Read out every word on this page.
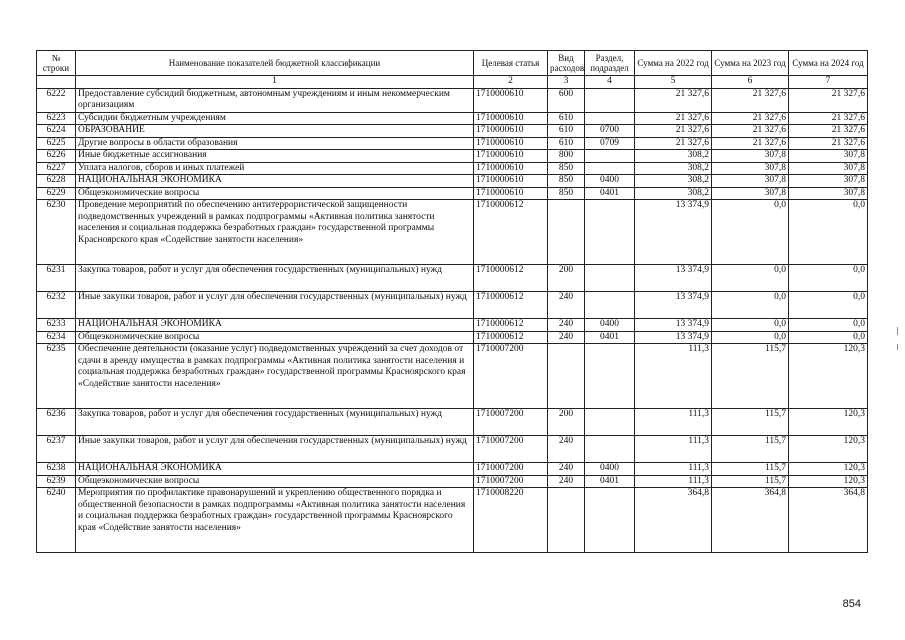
№ строки	Наименование показателей бюджетной классификации	Целевая статья	Вид расходов	Раздел, подраздел	Сумма на 2022 год	Сумма на 2023 год	Сумма на 2024 год
	1	2	3	4	5	6	7
6222	Предоставление субсидий бюджетным, автономным учреждениям и иным некоммерческим организациям	1710000610	600		21 327,6	21 327,6	21 327,6
6223	Субсидии бюджетным учреждениям	1710000610	610		21 327,6	21 327,6	21 327,6
6224	ОБРАЗОВАНИЕ	1710000610	610	0700	21 327,6	21 327,6	21 327,6
6225	Другие вопросы в области образования	1710000610	610	0709	21 327,6	21 327,6	21 327,6
6226	Иные бюджетные ассигнования	1710000610	800		308,2	307,8	307,8
6227	Уплата налогов, сборов и иных платежей	1710000610	850		308,2	307,8	307,8
6228	НАЦИОНАЛЬНАЯ ЭКОНОМИКА	1710000610	850	0400	308,2	307,8	307,8
6229	Общеэкономические вопросы	1710000610	850	0401	308,2	307,8	307,8
6230	Проведение мероприятий по обеспечению антитеррористической защищенности подведомственных учреждений в рамках подпрограммы «Активная политика занятости населения и социальная поддержка безработных граждан» государственной программы Красноярского края «Содействие занятости населения»	1710000612			13 374,9	0,0	0,0
6231	Закупка товаров, работ и услуг для обеспечения государственных (муниципальных) нужд	1710000612	200		13 374,9	0,0	0,0
6232	Иные закупки товаров, работ и услуг для обеспечения государственных (муниципальных) нужд	1710000612	240		13 374,9	0,0	0,0
6233	НАЦИОНАЛЬНАЯ ЭКОНОМИКА	1710000612	240	0400	13 374,9	0,0	0,0
6234	Общеэкономические вопросы	1710000612	240	0401	13 374,9	0,0	0,0
6235	Обеспечение деятельности (оказание услуг) подведомственных учреждений за счет доходов от сдачи в аренду имущества в рамках подпрограммы «Активная политика занятости населения и социальная поддержка безработных граждан» государственной программы Красноярского края «Содействие занятости населения»	1710007200			111,3	115,7	120,3
6236	Закупка товаров, работ и услуг для обеспечения государственных (муниципальных) нужд	1710007200	200		111,3	115,7	120,3
6237	Иные закупки товаров, работ и услуг для обеспечения государственных (муниципальных) нужд	1710007200	240		111,3	115,7	120,3
6238	НАЦИОНАЛЬНАЯ ЭКОНОМИКА	1710007200	240	0400	111,3	115,7	120,3
6239	Общеэкономические вопросы	1710007200	240	0401	111,3	115,7	120,3
6240	Мероприятия по профилактике правонарушений и укреплению общественного порядка и общественной безопасности в рамках подпрограммы «Активная политика занятости населения и социальная поддержка безработных граждан» государственной программы Красноярского края «Содействие занятости населения»	1710008220			364,8	364,8	364,8
854
